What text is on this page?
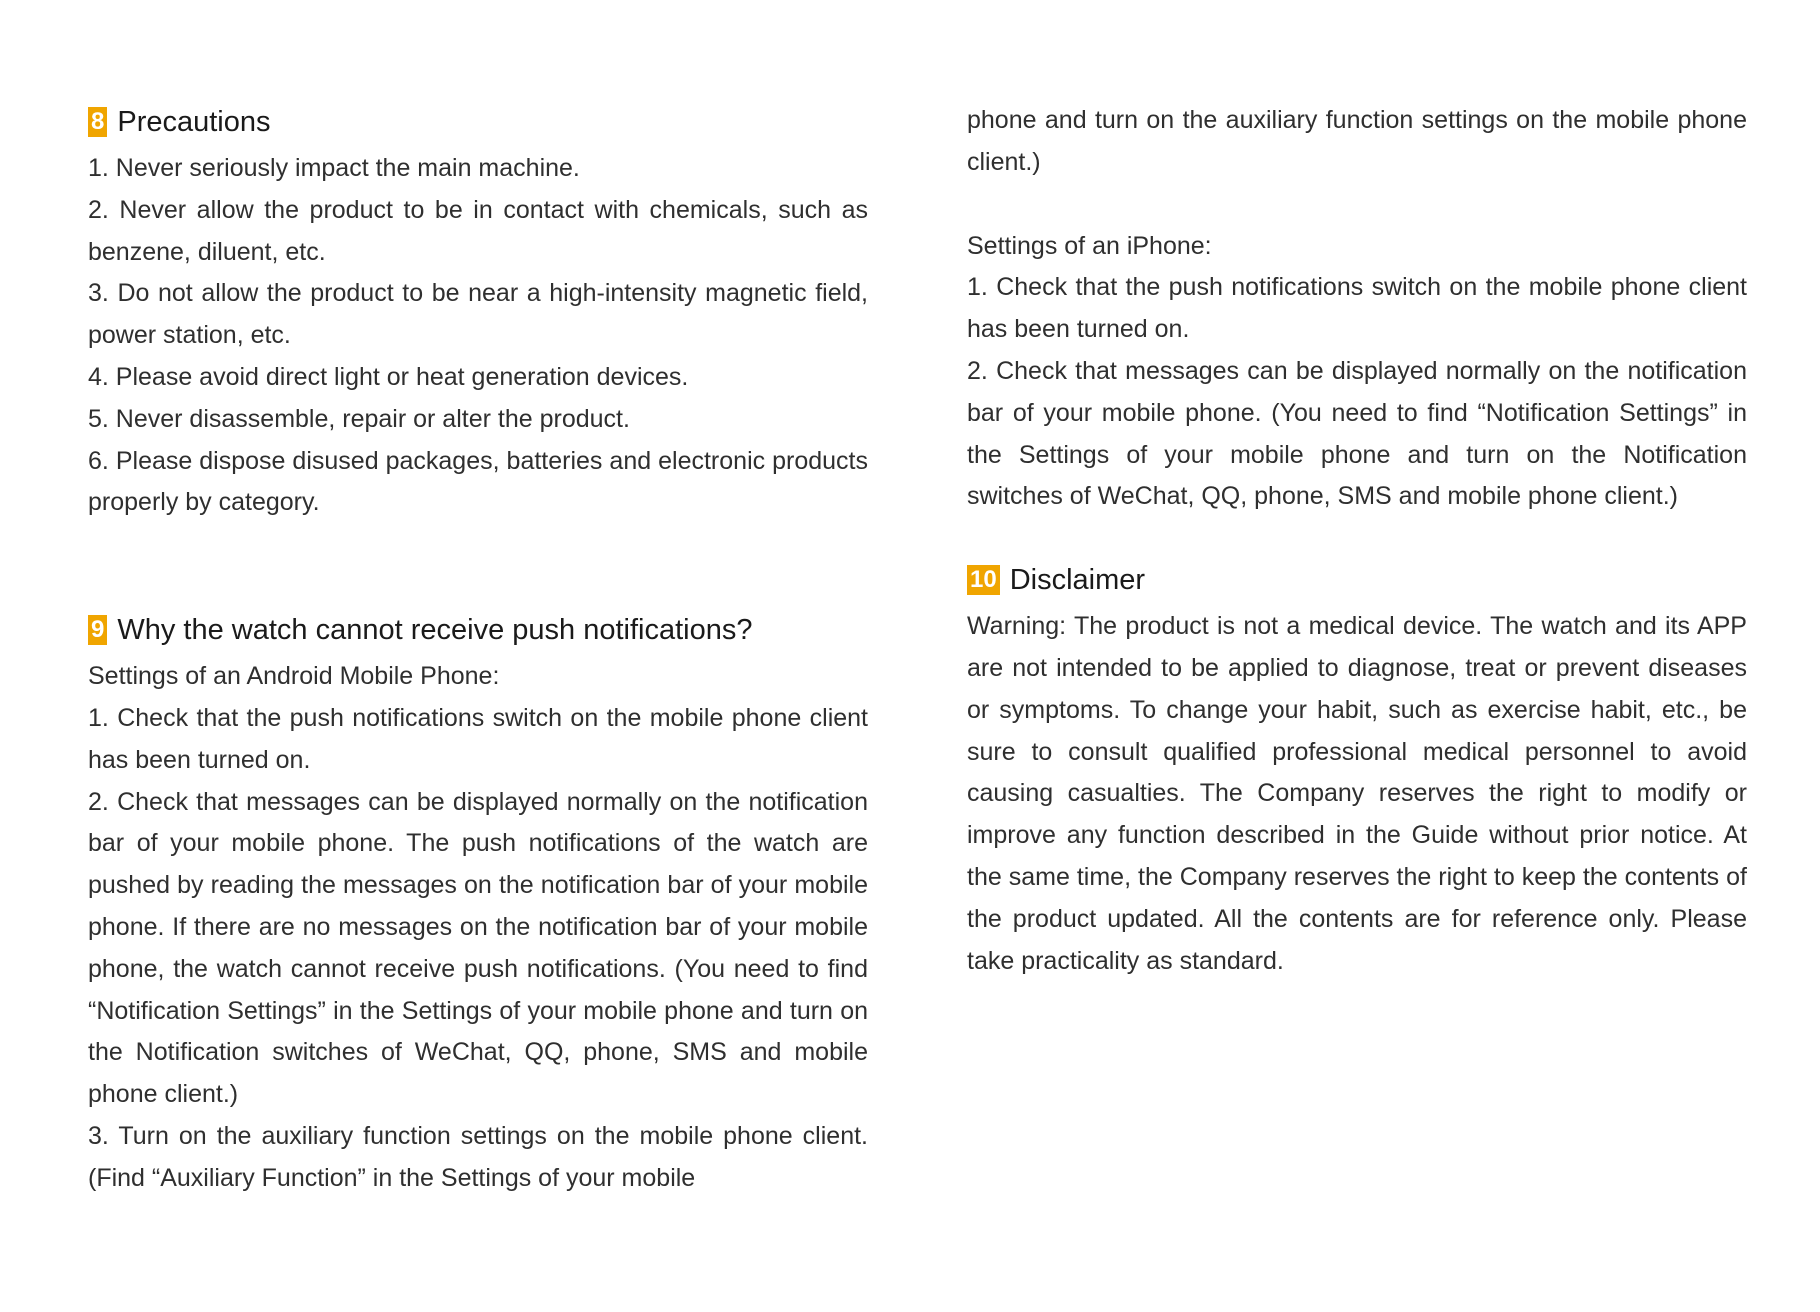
8 Precautions

1. Never seriously impact the main machine.

2. Never allow the product to be in contact with chemicals, such as benzene, diluent, etc.

3. Do not allow the product to be near a high-intensity magnetic field, power station, etc.

4. Please avoid direct light or heat generation devices.

5. Never disassemble, repair or alter the product.

6. Please dispose disused packages, batteries and electronic products properly by category.

9 Why the watch cannot receive push notifications?

Settings of an Android Mobile Phone:

1. Check that the push notifications switch on the mobile phone client has been turned on.

2. Check that messages can be displayed normally on the notification bar of your mobile phone. The push notifications of the watch are pushed by reading the messages on the notification bar of your mobile phone. If there are no messages on the notification bar of your mobile phone, the watch cannot receive push notifications. (You need to find “Notification Settings” in the Settings of your mobile phone and turn on the Notification switches of WeChat, QQ, phone, SMS and mobile phone client.)

3. Turn on the auxiliary function settings on the mobile phone client.(Find “Auxiliary Function” in the Settings of your mobile

phone and turn on the auxiliary function settings on the mobile phone client.)

Settings of an iPhone:

1. Check that the push notifications switch on the mobile phone client has been turned on.

2. Check that messages can be displayed normally on the notification bar of your mobile phone. (You need to find “Notification Settings” in the Settings of your mobile phone and turn on the Notification switches of WeChat, QQ, phone, SMS and mobile phone client.)

10 Disclaimer

Warning: The product is not a medical device. The watch and its APP are not intended to be applied to diagnose, treat or prevent diseases or symptoms. To change your habit, such as exercise habit, etc., be sure to consult qualified professional medical personnel to avoid causing casualties. The Company reserves the right to modify or improve any function described in the Guide without prior notice. At the same time, the Company reserves the right to keep the contents of the product updated. All the contents are for reference only. Please take practicality as standard.
